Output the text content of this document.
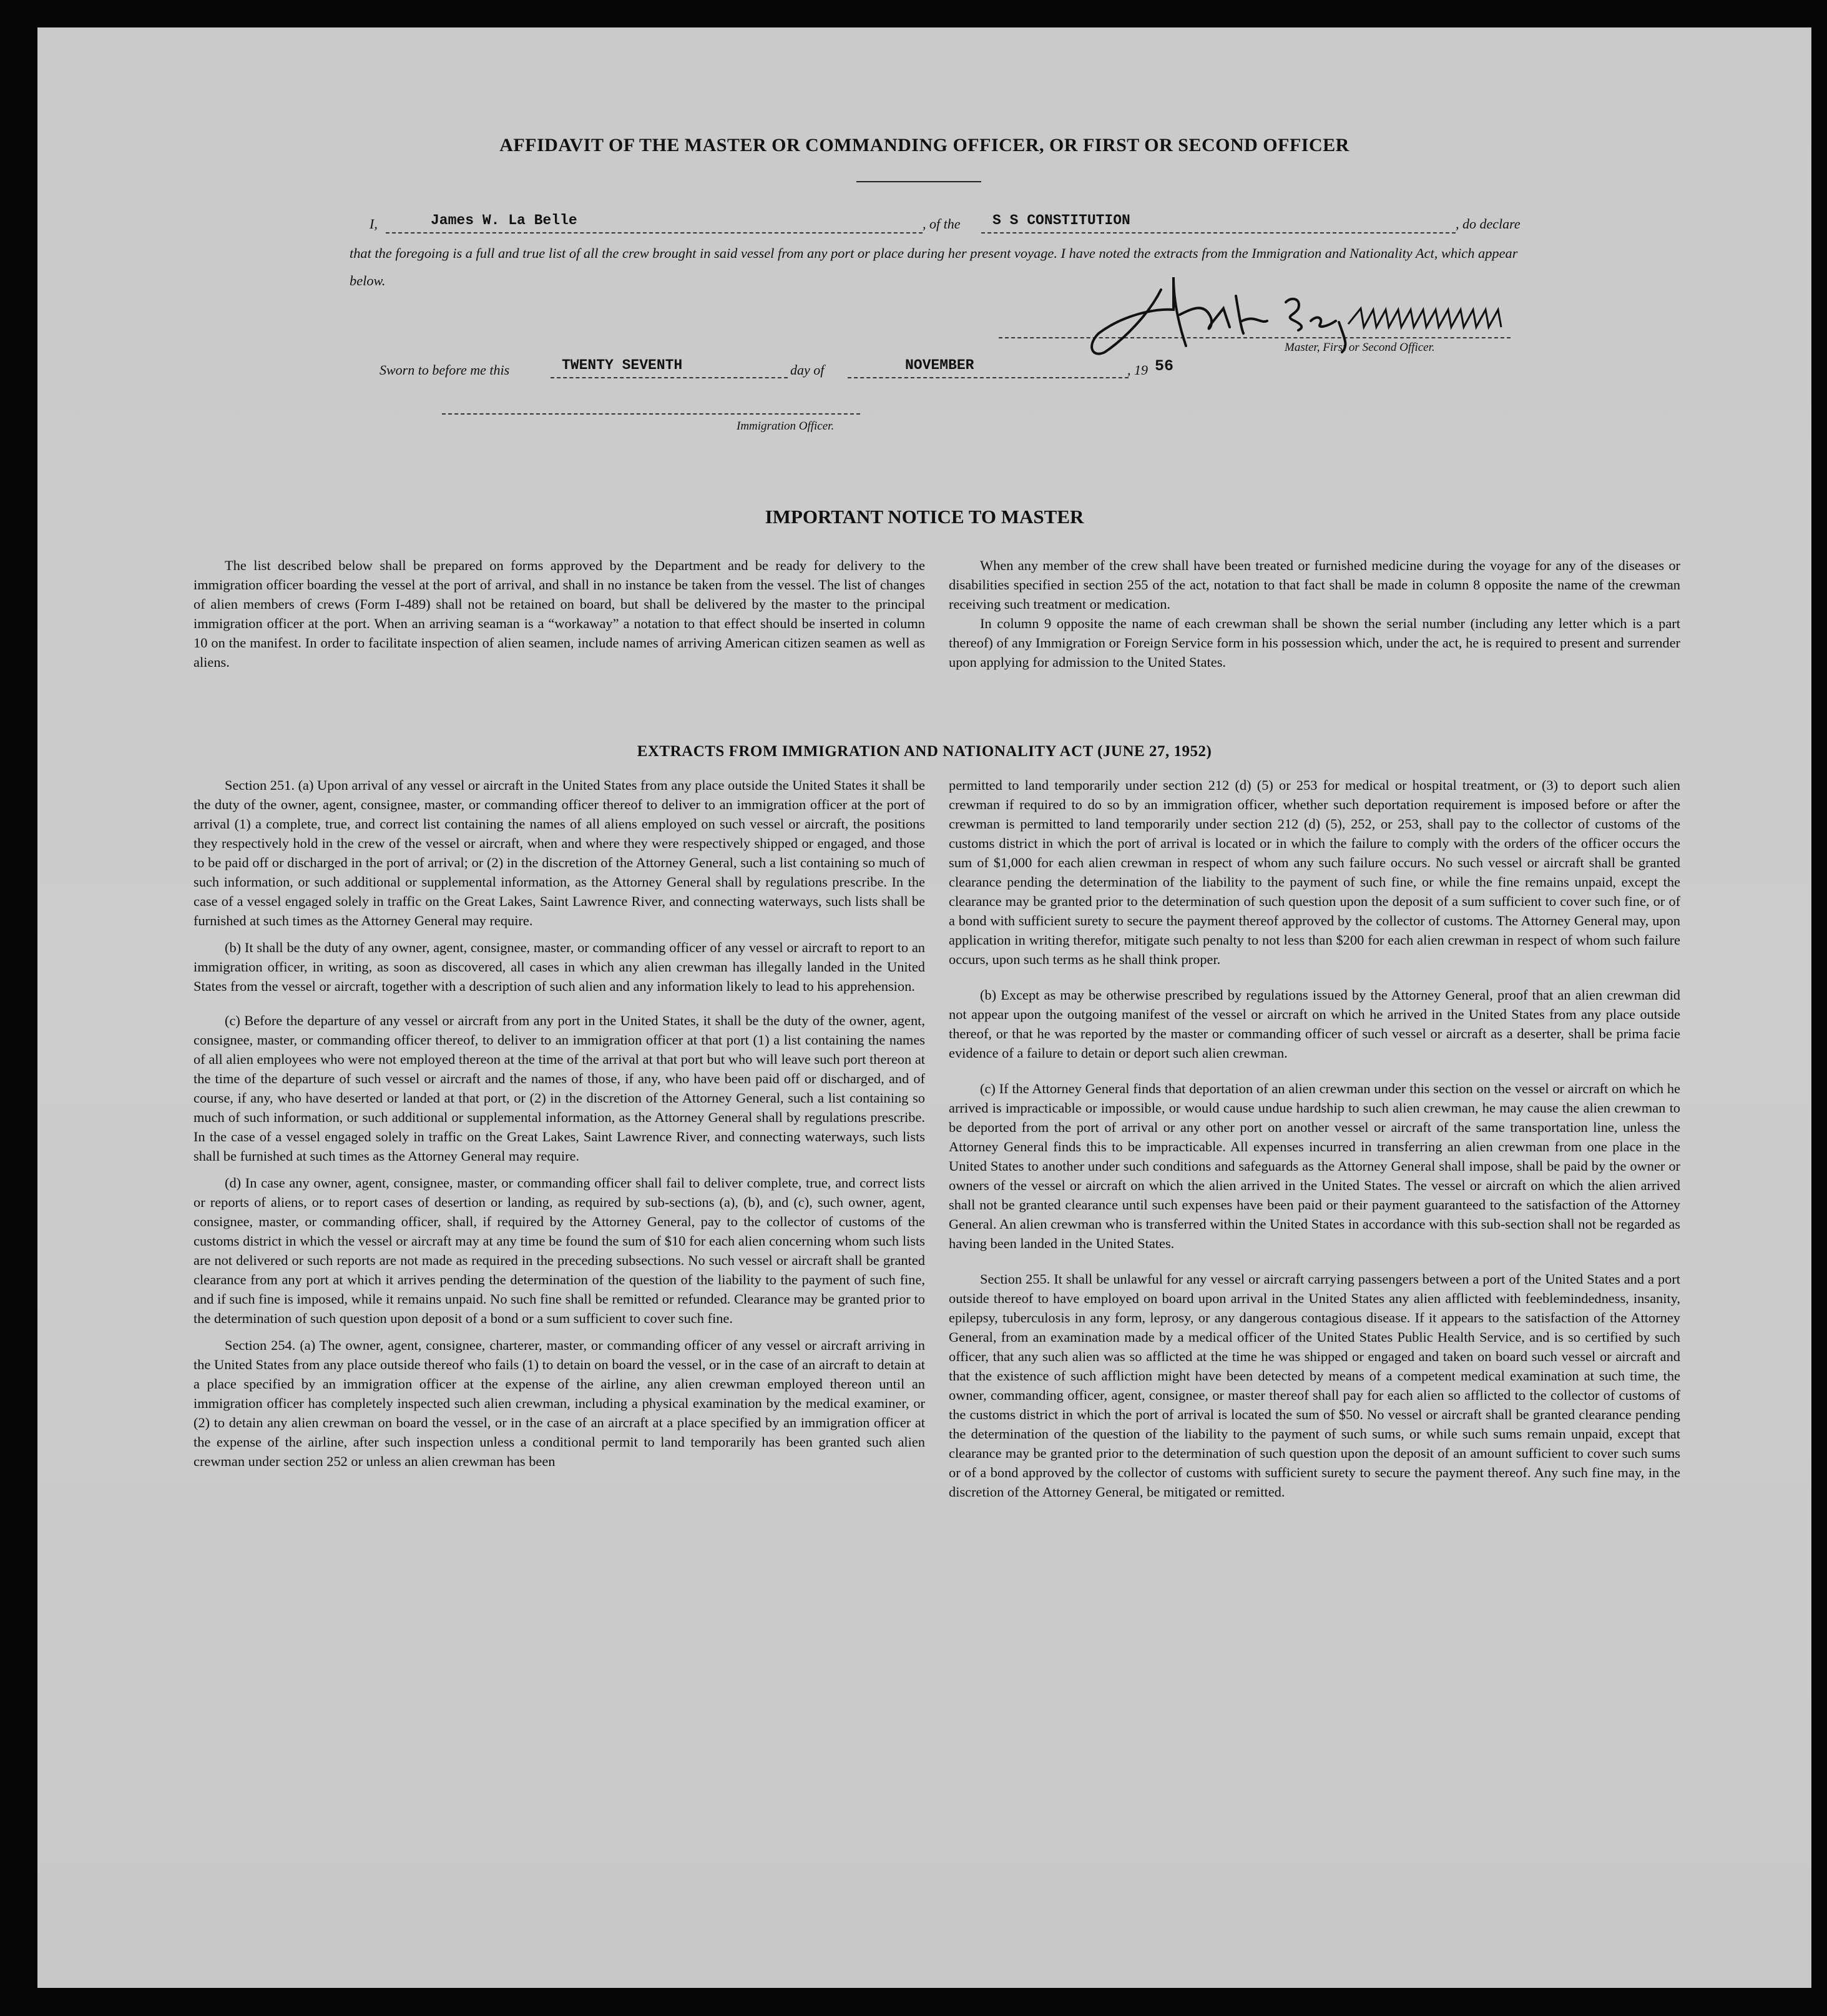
AFFIDAVIT OF THE MASTER OR COMMANDING OFFICER, OR FIRST OR SECOND OFFICER
I,	James W. La Belle	, of the S S CONSTITUTION	, do declare

that the foregoing is a full and true list of all the crew brought in said vessel from any port or place during her present voyage. I have noted the extracts from the Immigration and Nationality Act, which appear below.

Master, First or Second Officer.
Sworn to before me this	TWENTY SEVENTH	day of	NOVEMBER	, 19 56
Immigration Officer.
IMPORTANT NOTICE TO MASTER

The list described below shall be prepared on forms approved by the Department and be ready for delivery to the immigration officer boarding the vessel at the port of arrival, and shall in no instance be taken from the vessel. The list of changes of alien members of crews (Form I-489) shall not be retained on board, but shall be delivered by the master to the principal immigration officer at the port. When an arriving seaman is a “workaway” a notation to that effect should be inserted in column 10 on the manifest. In order to facilitate inspection of alien seamen, include names of arriving American citizen seamen as well as aliens.

When any member of the crew shall have been treated or furnished medicine during the voyage for any of the diseases or disabilities specified in section 255 of the act, notation to that fact shall be made in column 8 opposite the name of the crewman receiving such treatment or medication.

In column 9 opposite the name of each crewman shall be shown the serial number (including any letter which is a part thereof) of any Immigration or Foreign Service form in his possession which, under the act, he is required to present and surrender upon applying for admission to the United States.

EXTRACTS FROM IMMIGRATION AND NATIONALITY ACT (JUNE 27, 1952)

Section 251. (a) Upon arrival of any vessel or aircraft in the United States from any place outside the United States it shall be the duty of the owner, agent, consignee, master, or commanding officer thereof to deliver to an immigration officer at the port of arrival (1) a complete, true, and correct list containing the names of all aliens employed on such vessel or aircraft, the positions they respectively hold in the crew of the vessel or aircraft, when and where they were respectively shipped or engaged, and those to be paid off or discharged in the port of arrival; or (2) in the discretion of the Attorney General, such a list containing so much of such information, or such additional or supplemental information, as the Attorney General shall by regulations prescribe. In the case of a vessel engaged solely in traffic on the Great Lakes, Saint Lawrence River, and connecting waterways, such lists shall be furnished at such times as the Attorney General may require.

(b) It shall be the duty of any owner, agent, consignee, master, or commanding officer of any vessel or aircraft to report to an immigration officer, in writing, as soon as discovered, all cases in which any alien crewman has illegally landed in the United States from the vessel or aircraft, together with a description of such alien and any information likely to lead to his apprehension.

(c) Before the departure of any vessel or aircraft from any port in the United States, it shall be the duty of the owner, agent, consignee, master, or commanding officer thereof, to deliver to an immigration officer at that port (1) a list containing the names of all alien employees who were not employed thereon at the time of the arrival at that port but who will leave such port thereon at the time of the departure of such vessel or aircraft and the names of those, if any, who have been paid off or discharged, and of course, if any, who have deserted or landed at that port, or (2) in the discretion of the Attorney General, such a list containing so much of such information, or such additional or supplemental information, as the Attorney General shall by regulations prescribe. In the case of a vessel engaged solely in traffic on the Great Lakes, Saint Lawrence River, and connecting waterways, such lists shall be furnished at such times as the Attorney General may require.

(d) In case any owner, agent, consignee, master, or commanding officer shall fail to deliver complete, true, and correct lists or reports of aliens, or to report cases of desertion or landing, as required by sub-sections (a), (b), and (c), such owner, agent, consignee, master, or commanding officer, shall, if required by the Attorney General, pay to the collector of customs of the customs district in which the vessel or aircraft may at any time be found the sum of $10 for each alien concerning whom such lists are not delivered or such reports are not made as required in the preceding subsections. No such vessel or aircraft shall be granted clearance from any port at which it arrives pending the determination of the question of the liability to the payment of such fine, and if such fine is imposed, while it remains unpaid. No such fine shall be remitted or refunded. Clearance may be granted prior to the determination of such question upon deposit of a bond or a sum sufficient to cover such fine.

Section 254. (a) The owner, agent, consignee, charterer, master, or commanding officer of any vessel or aircraft arriving in the United States from any place outside thereof who fails (1) to detain on board the vessel, or in the case of an aircraft to detain at a place specified by an immigration officer at the expense of the airline, any alien crewman employed thereon until an immigration officer has completely inspected such alien crewman, including a physical examination by the medical examiner, or (2) to detain any alien crewman on board the vessel, or in the case of an aircraft at a place specified by an immigration officer at the expense of the airline, after such inspection unless a conditional permit to land temporarily has been granted such alien crewman under section 252 or unless an alien crewman has been

permitted to land temporarily under section 212 (d) (5) or 253 for medical or hospital treatment, or (3) to deport such alien crewman if required to do so by an immigration officer, whether such deportation requirement is imposed before or after the crewman is permitted to land temporarily under section 212 (d) (5), 252, or 253, shall pay to the collector of customs of the customs district in which the port of arrival is located or in which the failure to comply with the orders of the officer occurs the sum of $1,000 for each alien crewman in respect of whom any such failure occurs. No such vessel or aircraft shall be granted clearance pending the determination of the liability to the payment of such fine, or while the fine remains unpaid, except the clearance may be granted prior to the determination of such question upon the deposit of a sum sufficient to cover such fine, or of a bond with sufficient surety to secure the payment thereof approved by the collector of customs. The Attorney General may, upon application in writing therefor, mitigate such penalty to not less than $200 for each alien crewman in respect of whom such failure occurs, upon such terms as he shall think proper.

(b) Except as may be otherwise prescribed by regulations issued by the Attorney General, proof that an alien crewman did not appear upon the outgoing manifest of the vessel or aircraft on which he arrived in the United States from any place outside thereof, or that he was reported by the master or commanding officer of such vessel or aircraft as a deserter, shall be prima facie evidence of a failure to detain or deport such alien crewman.

(c) If the Attorney General finds that deportation of an alien crewman under this section on the vessel or aircraft on which he arrived is impracticable or impossible, or would cause undue hardship to such alien crewman, he may cause the alien crewman to be deported from the port of arrival or any other port on another vessel or aircraft of the same transportation line, unless the Attorney General finds this to be impracticable. All expenses incurred in transferring an alien crewman from one place in the United States to another under such conditions and safeguards as the Attorney General shall impose, shall be paid by the owner or owners of the vessel or aircraft on which the alien arrived in the United States. The vessel or aircraft on which the alien arrived shall not be granted clearance until such expenses have been paid or their payment guaranteed to the satisfaction of the Attorney General. An alien crewman who is transferred within the United States in accordance with this sub-section shall not be regarded as having been landed in the United States.

Section 255. It shall be unlawful for any vessel or aircraft carrying passengers between a port of the United States and a port outside thereof to have employed on board upon arrival in the United States any alien afflicted with feeblemindedness, insanity, epilepsy, tuberculosis in any form, leprosy, or any dangerous contagious disease. If it appears to the satisfaction of the Attorney General, from an examination made by a medical officer of the United States Public Health Service, and is so certified by such officer, that any such alien was so afflicted at the time he was shipped or engaged and taken on board such vessel or aircraft and that the existence of such affliction might have been detected by means of a competent medical examination at such time, the owner, commanding officer, agent, consignee, or master thereof shall pay for each alien so afflicted to the collector of customs of the customs district in which the port of arrival is located the sum of $50. No vessel or aircraft shall be granted clearance pending the determination of the question of the liability to the payment of such sums, or while such sums remain unpaid, except that clearance may be granted prior to the determination of such question upon the deposit of an amount sufficient to cover such sums or of a bond approved by the collector of customs with sufficient surety to secure the payment thereof. Any such fine may, in the discretion of the Attorney General, be mitigated or remitted.
